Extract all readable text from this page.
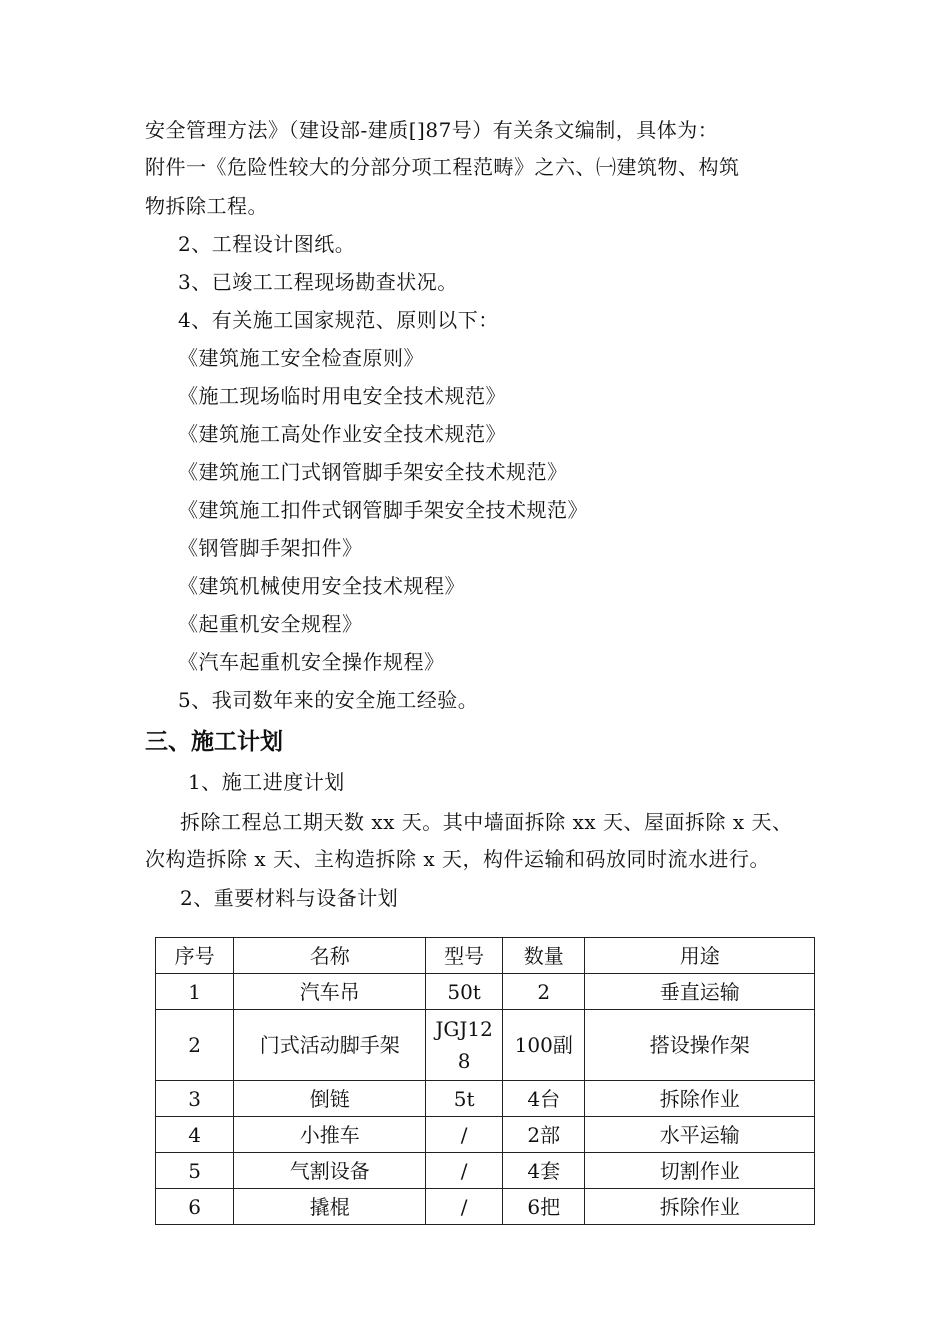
安全管理方法》（建设部-建质[]87号）有关条文编制，具体为：
附件一《危险性较大的分部分项工程范畴》之六、㈠建筑物、构筑
物拆除工程。
2、工程设计图纸。
3、已竣工工程现场勘查状况。
4、有关施工国家规范、原则以下：
《建筑施工安全检查原则》
《施工现场临时用电安全技术规范》
《建筑施工高处作业安全技术规范》
《建筑施工门式钢管脚手架安全技术规范》
《建筑施工扣件式钢管脚手架安全技术规范》
《钢管脚手架扣件》
《建筑机械使用安全技术规程》
《起重机安全规程》
《汽车起重机安全操作规程》
5、我司数年来的安全施工经验。
三、施工计划
1、施工进度计划
拆除工程总工期天数 xx 天。其中墙面拆除 xx 天、屋面拆除 x 天、
次构造拆除 x 天、主构造拆除 x 天，构件运输和码放同时流水进行。
2、重要材料与设备计划
序号	名称	型号	数量	用途
1	汽车吊	50t	2	垂直运输
2	门式活动脚手架	JGJ128	100副	搭设操作架
3	倒链	5t	4台	拆除作业
4	小推车	/	2部	水平运输
5	气割设备	/	4套	切割作业
6	撬棍	/	6把	拆除作业
